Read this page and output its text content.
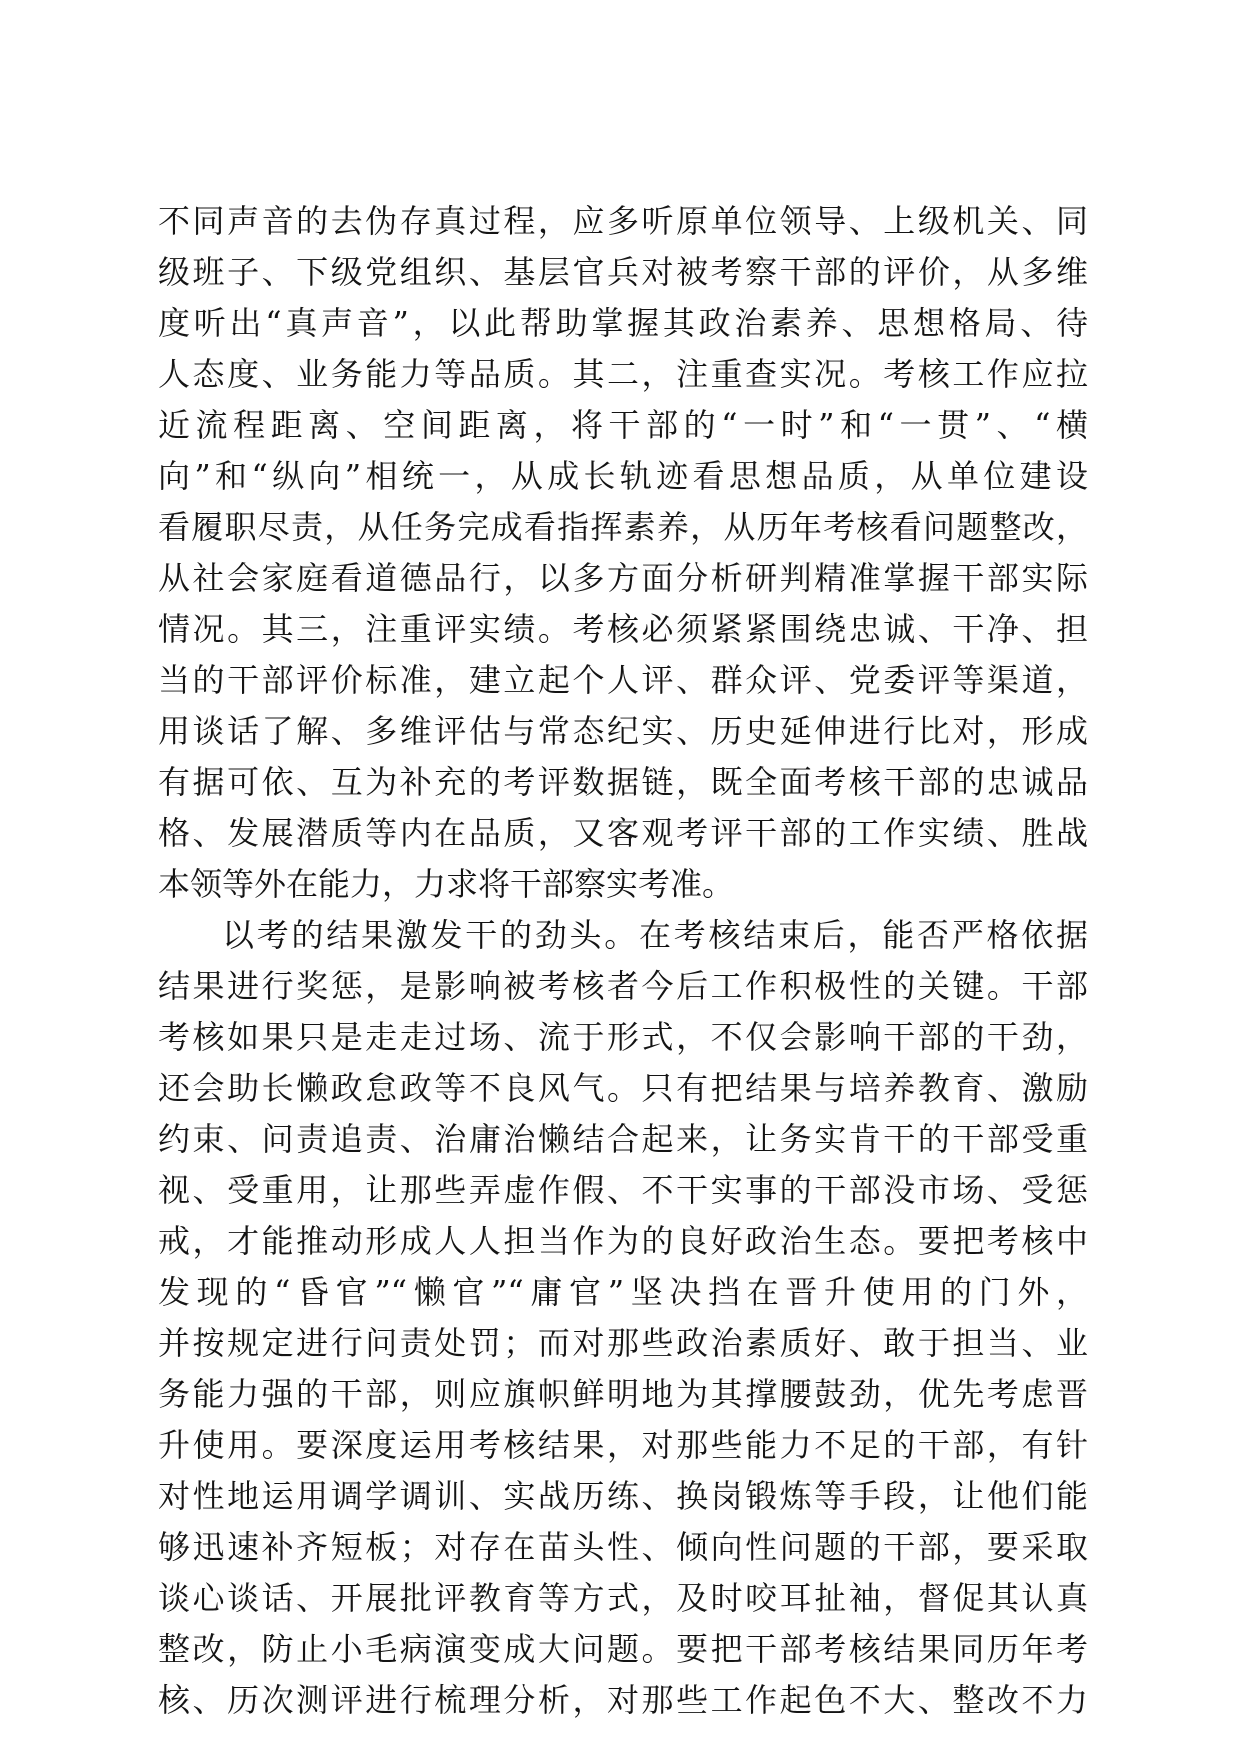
不同声音的去伪存真过程，应多听原单位领导、上级机关、同
级班子、下级党组织、基层官兵对被考察干部的评价，从多维
度听出“真声音”，以此帮助掌握其政治素养、思想格局、待
人态度、业务能力等品质。其二，注重查实况。考核工作应拉
近流程距离、空间距离，将干部的“一时”和“一贯”、“横
向”和“纵向”相统一，从成长轨迹看思想品质，从单位建设
看履职尽责，从任务完成看指挥素养，从历年考核看问题整改，
从社会家庭看道德品行，以多方面分析研判精准掌握干部实际
情况。其三，注重评实绩。考核必须紧紧围绕忠诚、干净、担
当的干部评价标准，建立起个人评、群众评、党委评等渠道，
用谈话了解、多维评估与常态纪实、历史延伸进行比对，形成
有据可依、互为补充的考评数据链，既全面考核干部的忠诚品
格、发展潜质等内在品质，又客观考评干部的工作实绩、胜战
本领等外在能力，力求将干部察实考准。
以考的结果激发干的劲头。在考核结束后，能否严格依据
结果进行奖惩，是影响被考核者今后工作积极性的关键。干部
考核如果只是走走过场、流于形式，不仅会影响干部的干劲，
还会助长懒政怠政等不良风气。只有把结果与培养教育、激励
约束、问责追责、治庸治懒结合起来，让务实肯干的干部受重
视、受重用，让那些弄虚作假、不干实事的干部没市场、受惩
戒，才能推动形成人人担当作为的良好政治生态。要把考核中
发现的“昏官”“懒官”“庸官”坚决挡在晋升使用的门外，
并按规定进行问责处罚；而对那些政治素质好、敢于担当、业
务能力强的干部，则应旗帜鲜明地为其撑腰鼓劲，优先考虑晋
升使用。要深度运用考核结果，对那些能力不足的干部，有针
对性地运用调学调训、实战历练、换岗锻炼等手段，让他们能
够迅速补齐短板；对存在苗头性、倾向性问题的干部，要采取
谈心谈话、开展批评教育等方式，及时咬耳扯袖，督促其认真
整改，防止小毛病演变成大问题。要把干部考核结果同历年考
核、历次测评进行梳理分析，对那些工作起色不大、整改不力
